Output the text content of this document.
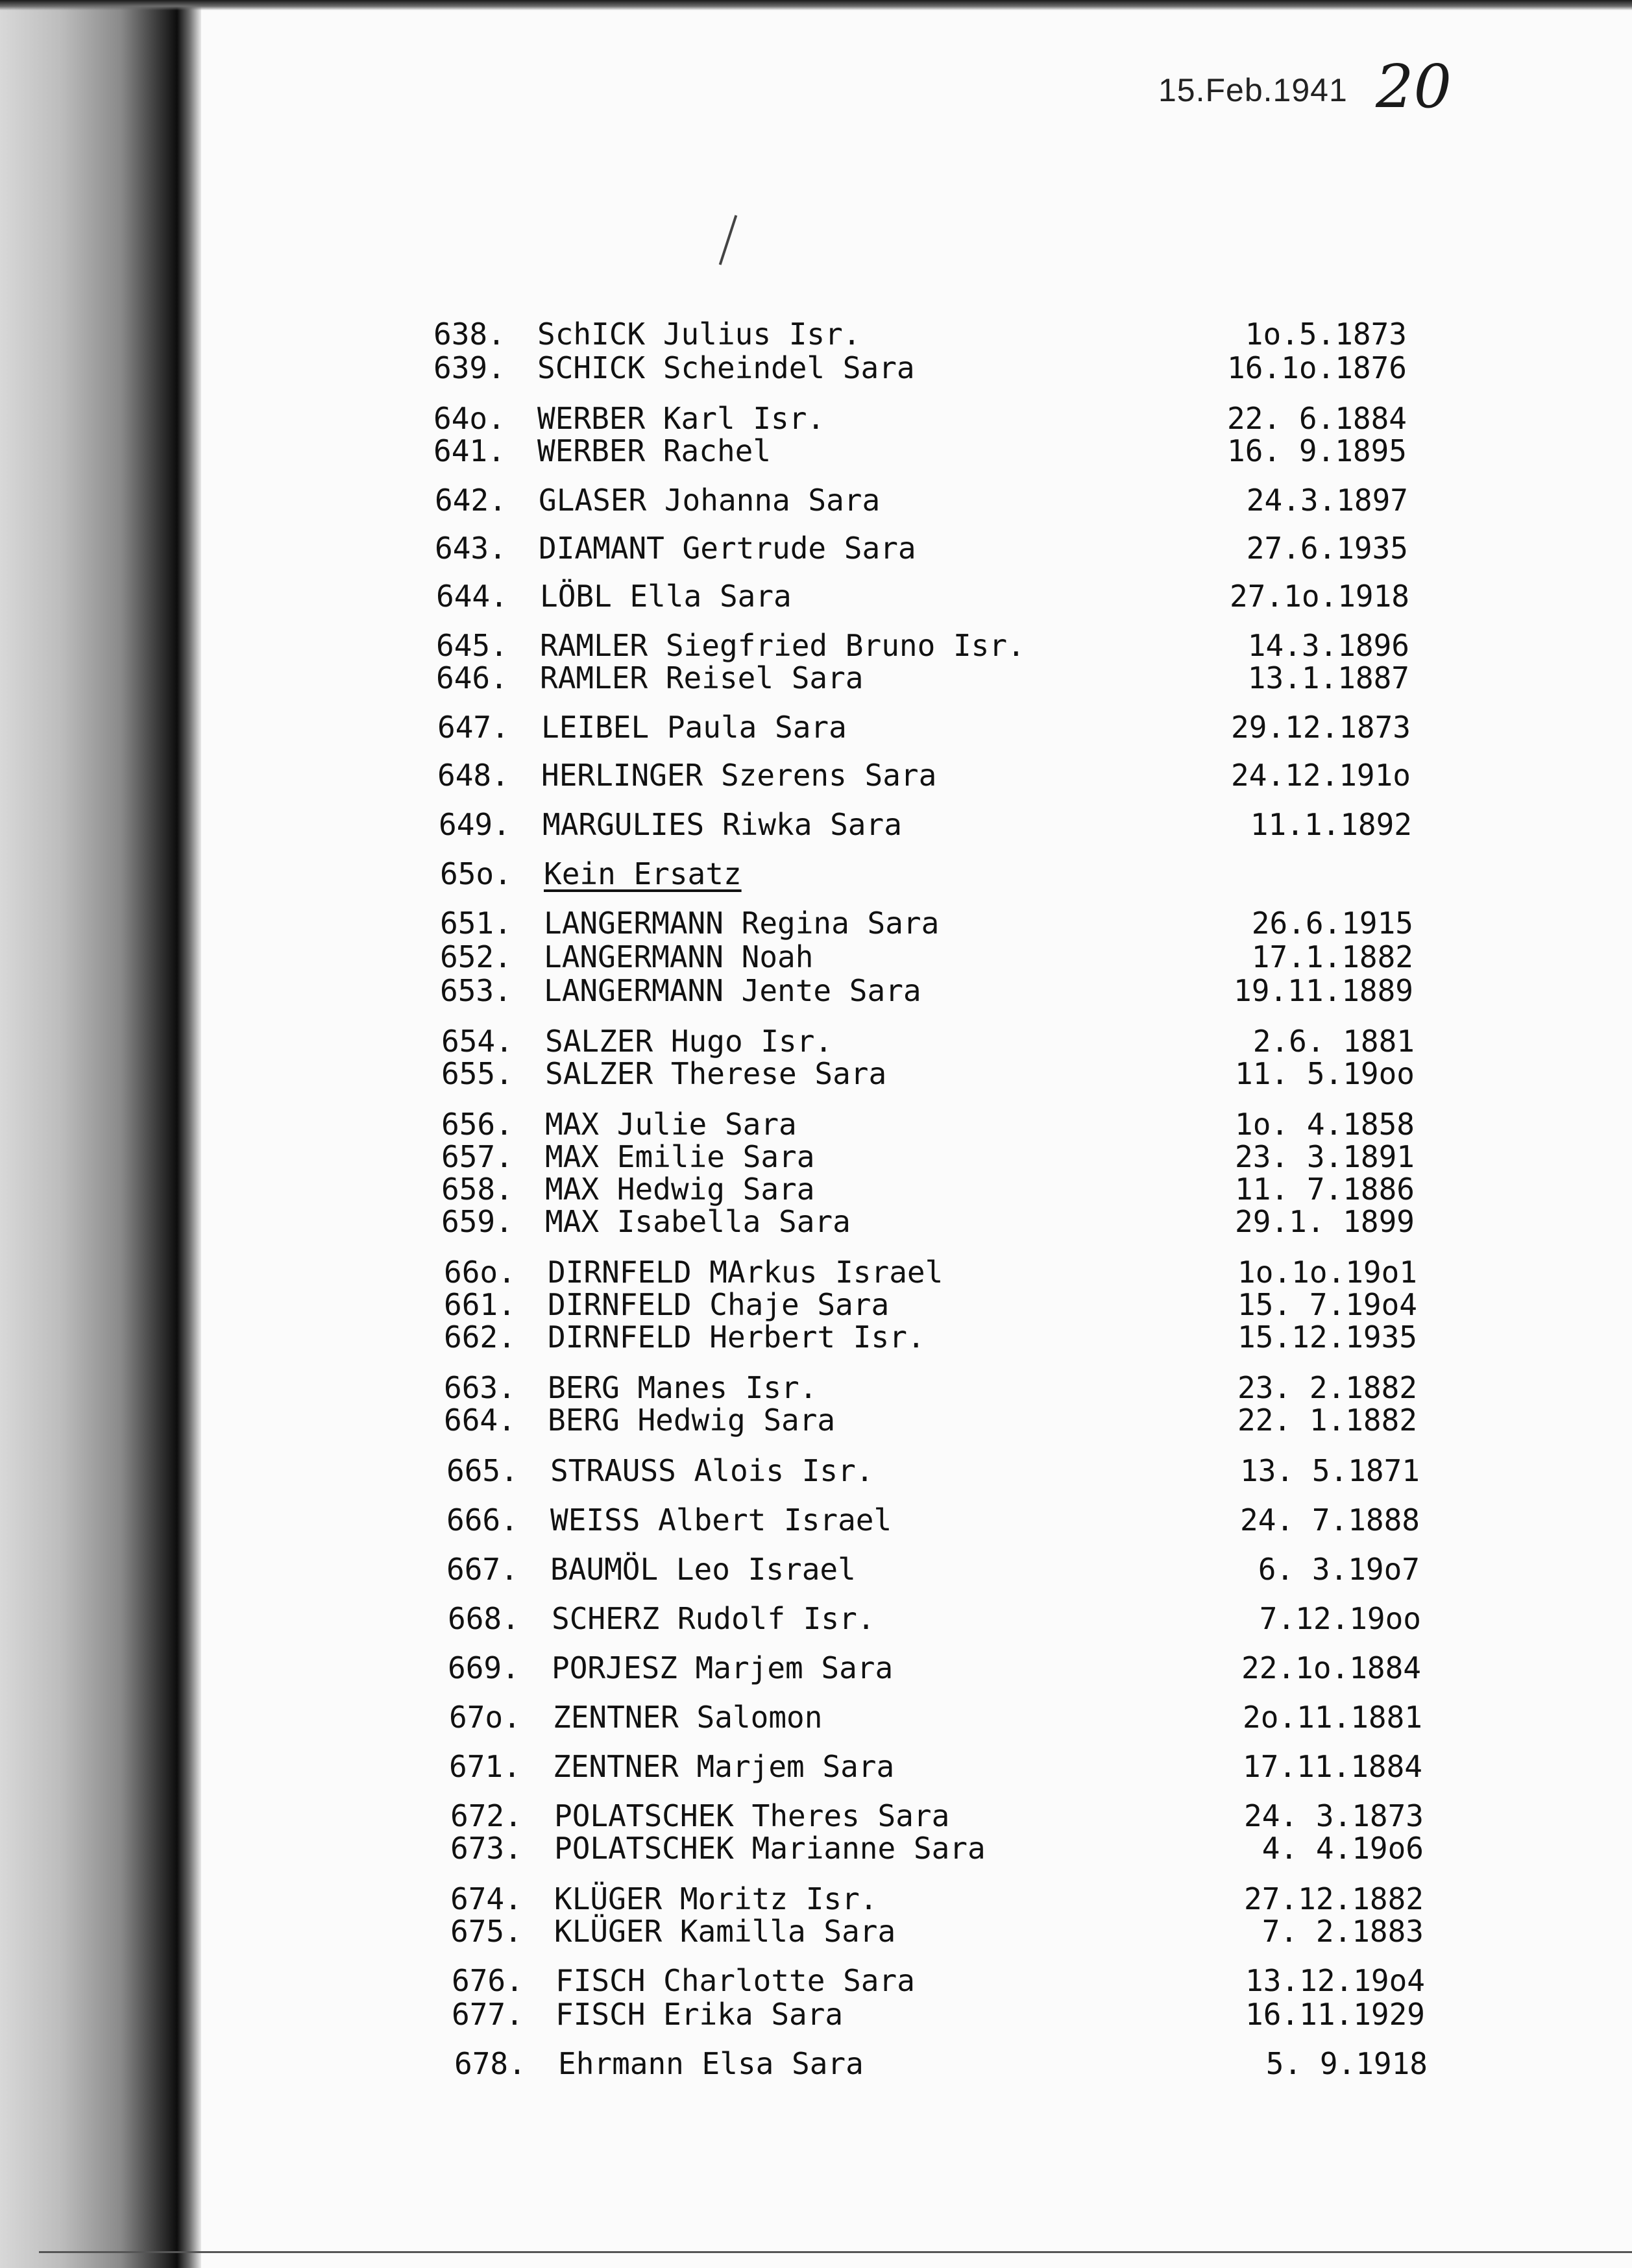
15.Feb.1941 20
638.	SchICK Julius Isr.	1o.5.1873
639.	SCHICK Scheindel Sara	16.1o.1876
64o.	WERBER Karl Isr.	22. 6.1884
641.	WERBER Rachel	16. 9.1895
642.	GLASER Johanna Sara	24.3.1897
643.	DIAMANT Gertrude Sara	27.6.1935
644.	LÖBL Ella Sara	27.1o.1918
645.	RAMLER Siegfried Bruno Isr.	14.3.1896
646.	RAMLER Reisel Sara	13.1.1887
647.	LEIBEL Paula Sara	29.12.1873
648.	HERLINGER Szerens Sara	24.12.191o
649.	MARGULIES Riwka Sara	11.1.1892
65o.	Kein Ersatz
651.	LANGERMANN Regina Sara	26.6.1915
652.	LANGERMANN Noah	17.1.1882
653.	LANGERMANN Jente Sara	19.11.1889
654.	SALZER Hugo Isr.	2.6. 1881
655.	SALZER Therese Sara	11. 5.19oo
656.	MAX Julie Sara	1o. 4.1858
657.	MAX Emilie Sara	23. 3.1891
658.	MAX Hedwig Sara	11. 7.1886
659.	MAX Isabella Sara	29.1. 1899
66o.	DIRNFELD MArkus Israel	1o.1o.19o1
661.	DIRNFELD Chaje Sara	15. 7.19o4
662.	DIRNFELD Herbert Isr.	15.12.1935
663.	BERG Manes Isr.	23. 2.1882
664.	BERG Hedwig Sara	22. 1.1882
665.	STRAUSS Alois Isr.	13. 5.1871
666.	WEISS Albert Israel	24. 7.1888
667.	BAUMÖL Leo Israel	6. 3.19o7
668.	SCHERZ Rudolf Isr.	7.12.19oo
669.	PORJESZ Marjem Sara	22.1o.1884
67o.	ZENTNER Salomon	2o.11.1881
671.	ZENTNER Marjem Sara	17.11.1884
672.	POLATSCHEK Theres Sara	24. 3.1873
673.	POLATSCHEK Marianne Sara	4. 4.19o6
674.	KLÜGER Moritz Isr.	27.12.1882
675.	KLÜGER Kamilla Sara	7. 2.1883
676.	FISCH Charlotte Sara	13.12.19o4
677.	FISCH Erika Sara	16.11.1929
678.	Ehrmann Elsa Sara	5. 9.1918
